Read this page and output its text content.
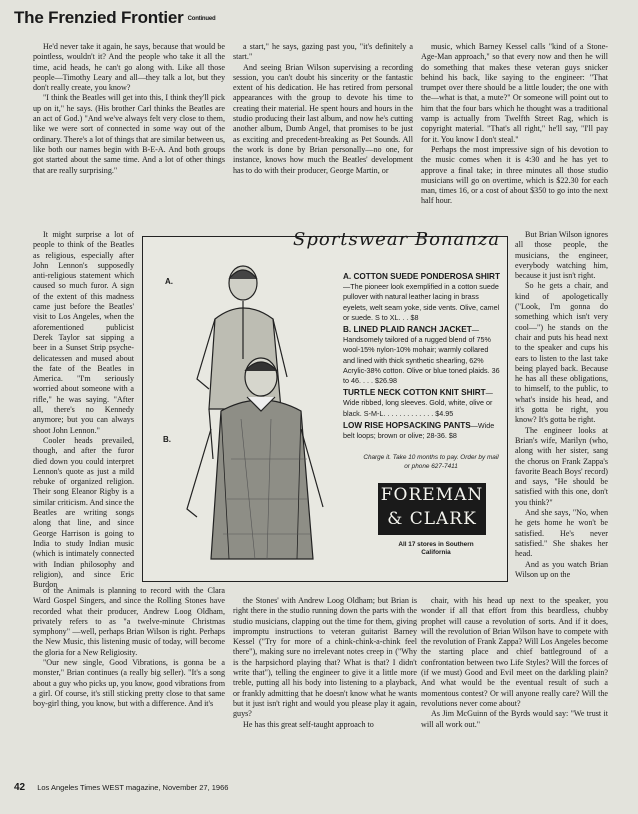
The Frenzied Frontier Continued

He'd never take it again, he says, because that would be pointless, wouldn't it? And the people who take it all the time, acid heads, he can't go along with. Like all those people—Timothy Leary and all—they talk a lot, but they don't really create, you know?

"I think the Beatles will get into this, I think they'll pick up on it," he says. (His brother Carl thinks the Beatles are an act of God.) "And we've always felt very close to them, like we were sort of connected in some way out of the ordinary. There's a lot of things that are similar between us, like both our names begin with B-E-A. And both groups got started about the same time. And a lot of other things that are really surprising."

It might surprise a lot of people to think of the Beatles as religious, especially after John Lennon's supposedly anti-religious statement which caused so much furor. A sign of the extent of this madness came just before the Beatles' visit to Los Angeles, when the aforementioned publicist Derek Taylor sat sipping a beer in a Sunset Strip psyche-delicatessen and mused about the fate of the Beatles in America. "I'm seriously worried about someone with a rifle," he was saying. "After all, there's no Kennedy anymore; but you can always shoot John Lennon."

Cooler heads prevailed, though, and after the furor died down you could interpret Lennon's quote as just a mild rebuke of organized religion. Their song Eleanor Rigby is a similar criticism. And since the Beatles are writing songs along that line, and since George Harrison is going to India to study Indian music (which is intimately connected with Indian philosophy and religion), and since Eric Burdon

of the Animals is planning to record with the Clara Ward Gospel Singers, and since the Rolling Stones have recorded what their producer, Andrew Loog Oldham, privately refers to as "a twelve-minute Christmas symphony" —well, perhaps Brian Wilson is right. Perhaps the New Music, this listening music of today, will become the gloria for a New Religiosity.

"Our new single, Good Vibrations, is gonna be a monster," Brian continues (a really big seller). "It's a song about a guy who picks up, you know, good vibrations from a girl. Of course, it's still sticking pretty close to that same boy-girl thing, you know, but with a difference. And it's

a start," he says, gazing past you, "it's definitely a start."

And seeing Brian Wilson supervising a recording session, you can't doubt his sincerity or the fantastic extent of his dedication. He has retired from personal appearances with the group to devote his time to creating their material. He spent hours and hours in the studio producing their last album, and now he's cutting another album, Dumb Angel, that promises to be just as exciting and precedent-breaking as Pet Sounds. All the work is done by Brian personally—no one, for instance, knows how much the Beatles' development has to do with their producer, George Martin, or

the Stones' with Andrew Loog Oldham; but Brian is right there in the studio running down the parts with the studio musicians, clapping out the time for them, giving impromptu instructions to veteran guitarist Barney Kessel ("Try for more of a chink-chink-a-chink feel there"), making sure no irrelevant notes creep in ("Why is the harpsichord playing that? What is that? I didn't write that"), telling the engineer to give it a little more treble, putting all his body into listening to a playback, or frankly admitting that he doesn't know what he wants but it just isn't right and would you please play it again, guys?

He has this great self-taught approach to

music, which Barney Kessel calls "kind of a Stone-Age-Man approach," so that every now and then he will do something that makes these veteran guys snicker behind his back, like saying to the engineer: "That trumpet over there should be a little louder; the one with the—what is that, a mute?" Or someone will point out to him that the four bars which he thought was a traditional vamp is actually from Twelfth Street Rag, which is copyright material. "That's all right," he'll say, "I'll pay for it. You know I don't steal."

Perhaps the most impressive sign of his devotion to the music comes when it is 4:30 and he has yet to approve a final take; in three minutes all those studio musicians will go on overtime, which is $22.30 for each man, times 16, or a cost of about $350 to go into the next half hour.

But Brian Wilson ignores all those people, the musicians, the engineer, everybody watching him, because it just isn't right.

So he gets a chair, and kind of apologetically ("Look, I'm gonna do something which isn't very cool—") he stands on the chair and puts his head next to the speaker and cups his ears to listen to the last take being played back. Because he has all these obligations, to himself, to the public, to what's inside his head, and it's gotta be right, you know? It's gotta be right.

The engineer looks at Brian's wife, Marilyn (who, along with her sister, sang the chorus on Frank Zappa's favorite Beach Boys' record) and says, "He should be satisfied with this one, don't you think?"

And she says, "No, when he gets home he won't be satisfied. He's never satisfied." She shakes her head.

And as you watch Brian Wilson up on the

chair, with his head up next to the speaker, you wonder if all that effort from this beardless, chubby prophet will cause a revolution of sorts. And if it does, will the revolution of Brian Wilson have to compete with the revolution of Frank Zappa? Will Los Angeles become the starting place and chief battleground of a confrontation between two Life Styles? Will the forces of (if we must) Good and Evil meet on the darkling plain? And what would be the eventual result of such a momentous contest? Or will anyone really care? Will the revolutions never come about?

As Jim McGuinn of the Byrds would say: "We trust it will all work out."

Sportswear Bonanza
A.
B.
A. COTTON SUEDE PONDEROSA SHIRT—The pioneer look exemplified in a cotton suede pullover with natural leather lacing in brass eyelets, welt seam yoke, side vents. Olive, camel or suede. S to XL. . . $8
B. LINED PLAID RANCH JACKET—Handsomely tailored of a rugged blend of 75% wool-15% nylon-10% mohair; warmly collared and lined with thick synthetic shearling, 62% Acrylic-38% cotton. Olive or blue toned plaids. 36 to 46. . . . $26.98
TURTLE NECK COTTON KNIT SHIRT—Wide ribbed, long sleeves. Gold, white, olive or black. S-M-L. . . . . . . . . . . . . $4.95
LOW RISE HOPSACKING PANTS—Wide belt loops; brown or olive; 28-36. $8
Charge it. Take 10 months to pay. Order by mail or phone 627-7411
FOREMAN
& CLARK
All 17 stores in Southern California
42 Los Angeles Times WEST magazine, November 27, 1966
